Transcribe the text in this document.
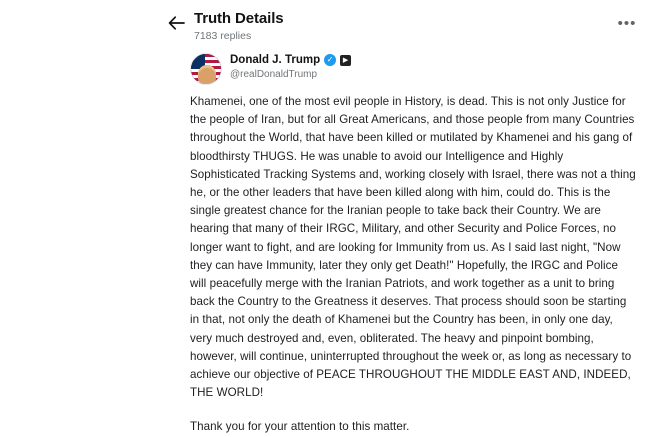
Truth Details
7183 replies
•••
Donald J. Trump ✓	▶
@realDonaldTrump

Khamenei, one of the most evil people in History, is dead. This is not only Justice for the people of Iran, but for all Great Americans, and those people from many Countries throughout the World, that have been killed or mutilated by Khamenei and his gang of bloodthirsty THUGS. He was unable to avoid our Intelligence and Highly Sophisticated Tracking Systems and, working closely with Israel, there was not a thing he, or the other leaders that have been killed along with him, could do. This is the single greatest chance for the Iranian people to take back their Country. We are hearing that many of their IRGC, Military, and other Security and Police Forces, no longer want to fight, and are looking for Immunity from us. As I said last night, "Now they can have Immunity, later they only get Death!" Hopefully, the IRGC and Police will peacefully merge with the Iranian Patriots, and work together as a unit to bring back the Country to the Greatness it deserves. That process should soon be starting in that, not only the death of Khamenei but the Country has been, in only one day, very much destroyed and, even, obliterated. The heavy and pinpoint bombing, however, will continue, uninterrupted throughout the week or, as long as necessary to achieve our objective of PEACE THROUGHOUT THE MIDDLE EAST AND, INDEED, THE WORLD!

Thank you for your attention to this matter.
